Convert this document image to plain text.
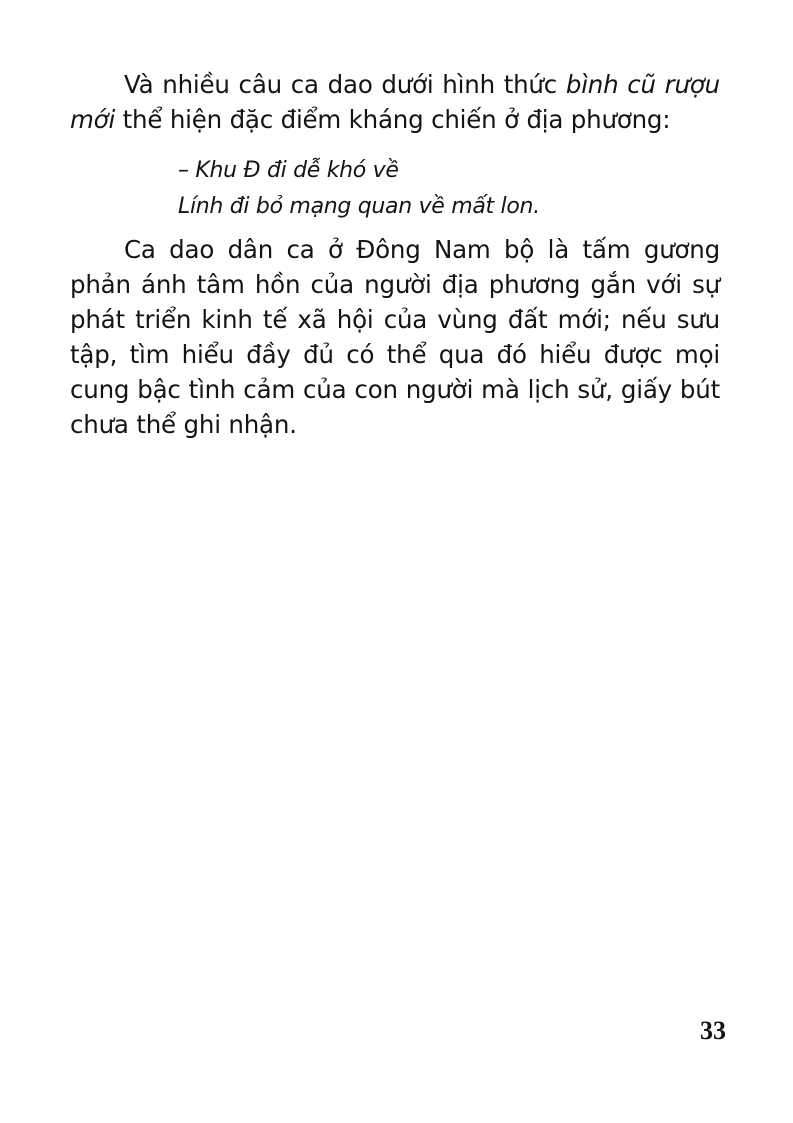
Và nhiều câu ca dao dưới hình thức bình cũ rượu mới thể hiện đặc điểm kháng chiến ở địa phương:

– Khu Đ đi dễ khó về
Lính đi bỏ mạng quan về mất lon.

Ca dao dân ca ở Đông Nam bộ là tấm gương phản ánh tâm hồn của người địa phương gắn với sự phát triển kinh tế xã hội của vùng đất mới; nếu sưu tập, tìm hiểu đầy đủ có thể qua đó hiểu được mọi cung bậc tình cảm của con người mà lịch sử, giấy bút chưa thể ghi nhận.

33
